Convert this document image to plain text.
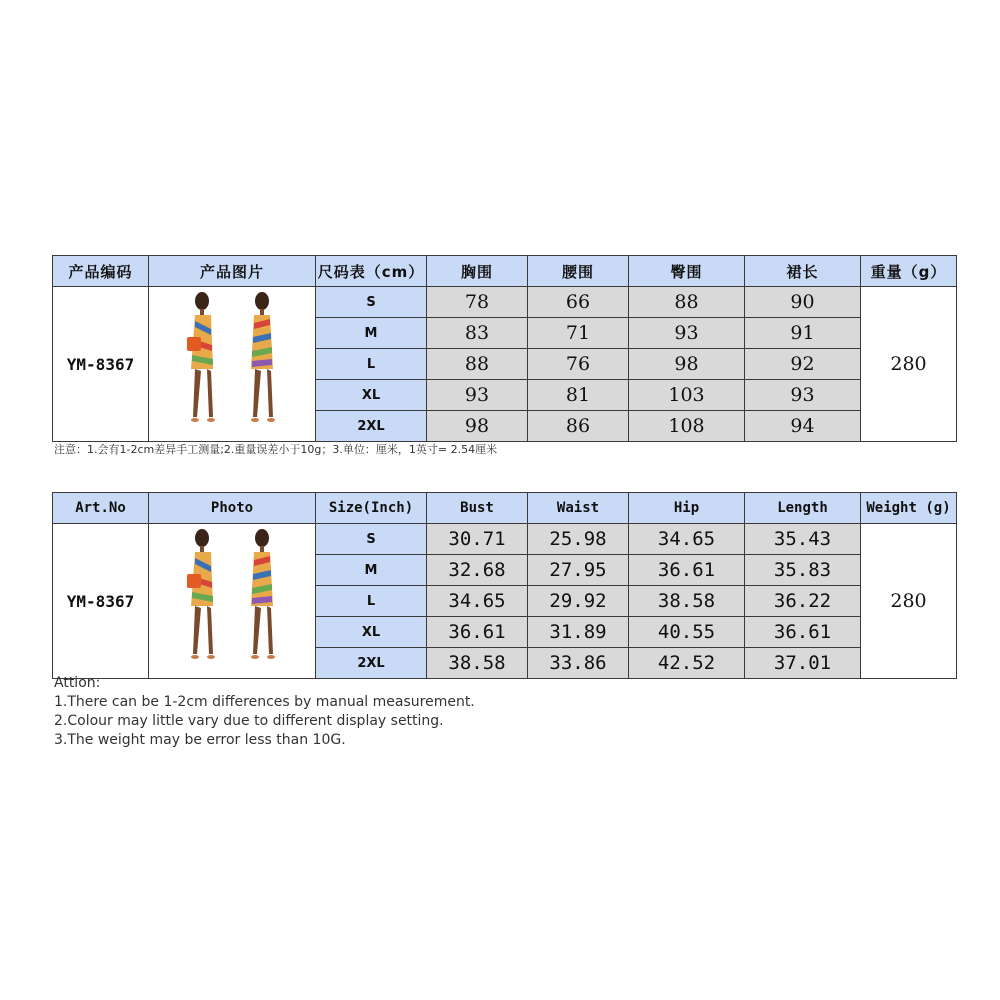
产品编码	产品图片	尺码表（cm）	胸围	腰围	臀围	裙长	重量（g）
YM-8367		S	78	66	88	90	280
		M	83	71	93	91	
		L	88	76	98	92	
		XL	93	81	103	93	
		2XL	98	86	108	94	
注意：1.会有1-2cm差异手工测量;2.重量误差小于10g；3.单位：厘米，1英寸= 2.54厘米
Art.No	Photo	Size(Inch)	Bust	Waist	Hip	Length	Weight (g)
YM-8367		S	30.71	25.98	34.65	35.43	280
		M	32.68	27.95	36.61	35.83	
		L	34.65	29.92	38.58	36.22	
		XL	36.61	31.89	40.55	36.61	
		2XL	38.58	33.86	42.52	37.01	
Attion:
1.There can be 1-2cm differences by manual measurement.
2.Colour may little vary due to different display setting.
3.The weight may be error less than 10G.
